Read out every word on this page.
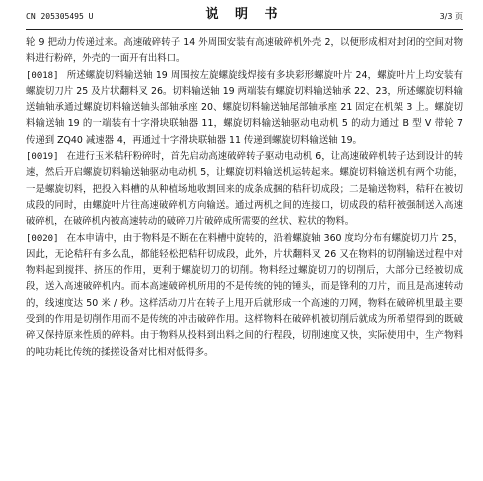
CN 205305495 U	说 明 书	3/3 页

轮 9 把动力传递过来。高速破碎转子 14 外周围安装有高速破碎机外壳 2，以便形成相对封闭的空间对物料进行粉碎，外壳的一面开有出料口。

[0018] 所述螺旋切料输送轴 19 周围按左旋螺旋线焊接有多块彩形螺旋叶片 24，螺旋叶片上均安装有螺旋切刀片 25 及片状翻料叉 26。切料输送轴 19 两端装有螺旋切料输送轴承 22、23，所述螺旋切料输送轴轴承通过螺旋切料输送轴头部轴承座 20、螺旋切料输送轴尾部轴承座 21 固定在机架 3 上。螺旋切料输送轴 19 的一端装有十字滑块联轴器 11，螺旋切料输送轴驱动电动机 5 的动力通过 B 型 V 带轮 7 传递到 ZQ40 减速器 4，再通过十字滑块联轴器 11 传递到螺旋切料输送轴 19。

[0019] 在进行玉米秸秆粉碎时，首先启动高速破碎转子驱动电动机 6，让高速破碎机转子达到设计的转速，然后开启螺旋切料输送轴驱动电动机 5，让螺旋切料输送机运转起来。螺旋切料输送机有两个功能，一是螺旋切料，把投入料槽的从种植场地收割回来的成条成捆的秸秆切成段；二是输送物料，秸秆在被切成段的同时，由螺旋叶片往高速破碎机方向输送。通过两机之间的连接口，切成段的秸秆被强制送入高速破碎机，在破碎机内被高速转动的破碎刀片破碎成所需要的丝状、粒状的物料。

[0020] 在本申请中，由于物料是不断在在料槽中旋转的，沿着螺旋轴 360 度均分布有螺旋切刀片 25，因此，无论秸秆有多么乱，都能轻松把秸秆切成段，此外，片状翻料叉 26 又在物料的切削输送过程中对物料起到搅拌、挤压的作用，更利于螺旋切刀的切削。物料经过螺旋切刀的切削后，大部分已经被切成段，送入高速破碎机内。而本高速破碎机所用的不是传统的钝的锤头，而是锋利的刀片，而且是高速转动的，线速度达 50 米 / 秒。这样活动刀片在转子上甩开后就形成一个高速的刀网，物料在破碎机里最主要受到的作用是切削作用而不是传统的冲击破碎作用。这样物料在破碎机被切削后就成为所希望得到的既破碎又保持原来性质的碎料。由于物料从投料到出料之间的行程段，切削速度又快，实际使用中，生产物料的吨功耗比传统的揉搓设备对比相对低得多。
